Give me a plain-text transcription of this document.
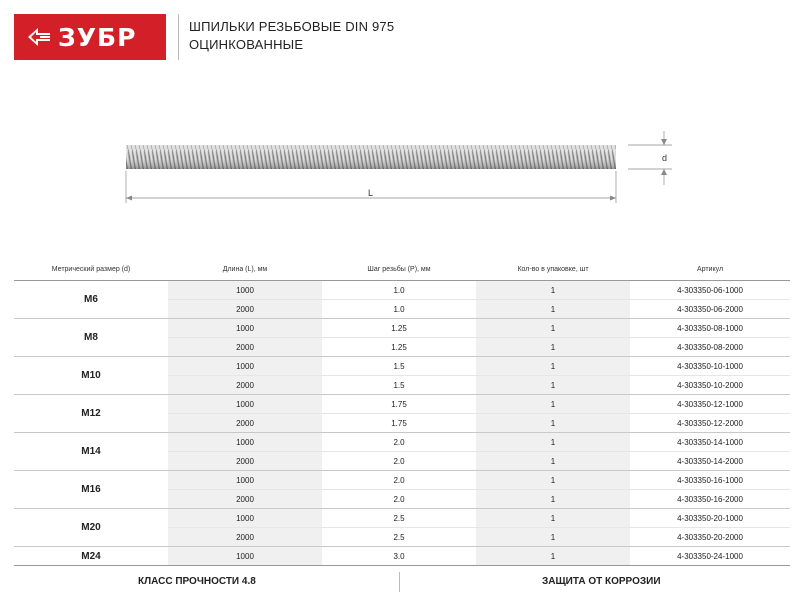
ЗУБР	ШПИЛЬКИ РЕЗЬБОВЫЕ DIN 975
ОЦИНКОВАННЫЕ
d
L
Метрический размер (d)	Длина (L), мм	Шаг резьбы (P), мм	Кол-во в упаковке, шт	Артикул
M6	1000	1.0	1	4-303350-06-1000
	2000	1.0	1	4-303350-06-2000
M8	1000	1.25	1	4-303350-08-1000
	2000	1.25	1	4-303350-08-2000
M10	1000	1.5	1	4-303350-10-1000
	2000	1.5	1	4-303350-10-2000
M12	1000	1.75	1	4-303350-12-1000
	2000	1.75	1	4-303350-12-2000
M14	1000	2.0	1	4-303350-14-1000
	2000	2.0	1	4-303350-14-2000
M16	1000	2.0	1	4-303350-16-1000
	2000	2.0	1	4-303350-16-2000
M20	1000	2.5	1	4-303350-20-1000
	2000	2.5	1	4-303350-20-2000
M24	1000	3.0	1	4-303350-24-1000
КЛАСС ПРОЧНОСТИ 4.8	ЗАЩИТА ОТ КОРРОЗИИ
